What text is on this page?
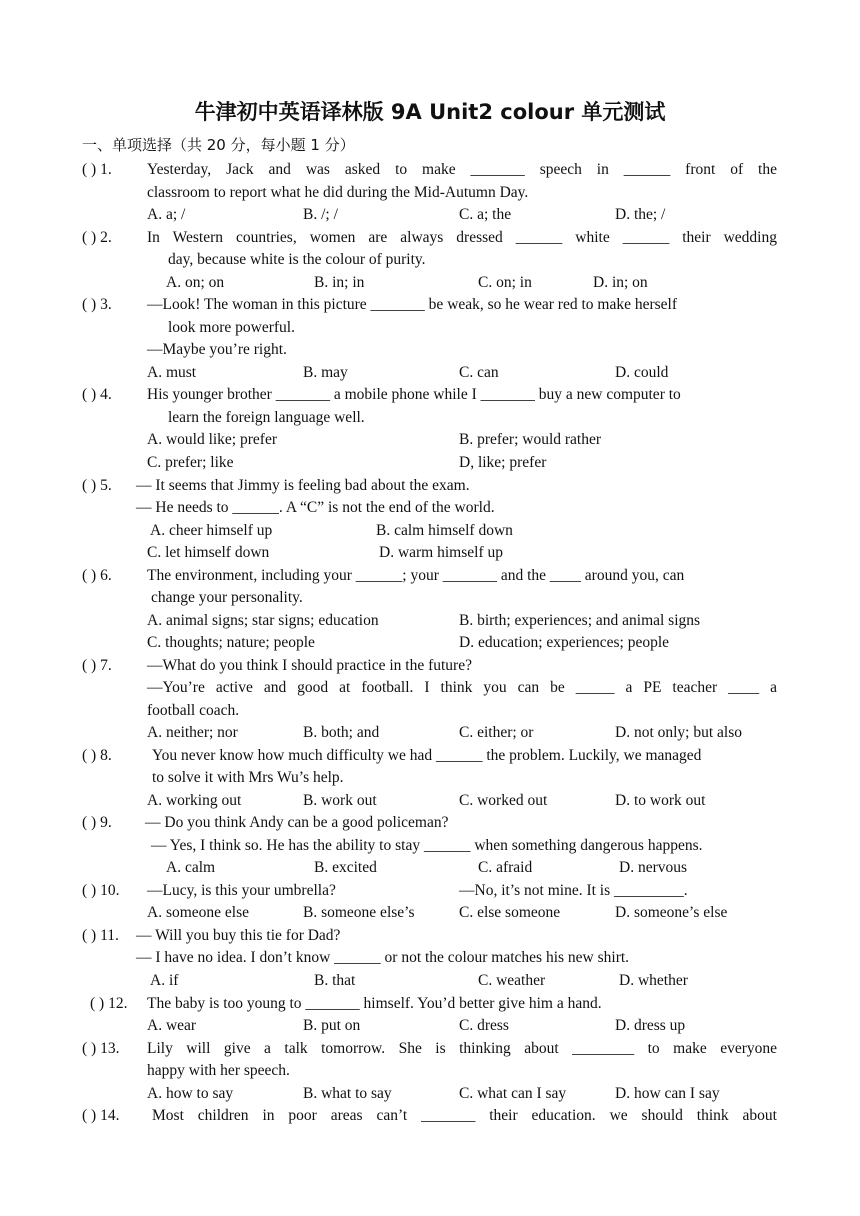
牛津初中英语译林版 9A Unit2 colour 单元测试
一、单项选择（共 20 分，每小题 1 分）
( ) 1. Yesterday, Jack and was asked to make _______ speech in ______ front of the
classroom to report what he did during the Mid-Autumn Day.
A. a; /	B. /; /	C. a; the	D. the; /
( ) 2. In Western countries, women are always dressed ______ white ______ their wedding
day, because white is the colour of purity.
A. on; on	B. in; in	C. on; in	D. in; on
( ) 3. —Look! The woman in this picture _______ be weak, so he wear red to make herself
look more powerful.
—Maybe you’re right.
A. must	B. may	C. can	D. could
( ) 4. His younger brother _______ a mobile phone while I _______ buy a new computer to
learn the foreign language well.
A. would like; prefer	B. prefer; would rather
C. prefer; like	D, like; prefer
( ) 5. — It seems that Jimmy is feeling bad about the exam.
— He needs to ______. A “C” is not the end of the world.
A. cheer himself up	B. calm himself down
C. let himself down	D. warm himself up
( ) 6. The environment, including your ______; your _______ and the ____ around you, can
change your personality.
A. animal signs; star signs; education	B. birth; experiences; and animal signs
C. thoughts; nature; people	D. education; experiences; people
( ) 7. —What do you think I should practice in the future?
—You’re active and good at football. I think you can be _____ a PE teacher ____ a
football coach.
A. neither; nor	B. both; and	C. either; or	D. not only; but also
( ) 8.	You never know how much difficulty we had ______ the problem. Luckily, we managed
to solve it with Mrs Wu’s help.
A. working out	B. work out	C. worked out	D. to work out
( ) 9. — Do you think Andy can be a good policeman?
— Yes, I think so. He has the ability to stay ______ when something dangerous happens.
A. calm	B. excited	C. afraid	D. nervous
( ) 10. —Lucy, is this your umbrella?	—No, it’s not mine. It is _________.
A. someone else	B. someone else’s	C. else someone	D. someone’s else
( ) 11. — Will you buy this tie for Dad?
— I have no idea. I don’t know ______ or not the colour matches his new shirt.
A. if	B. that	C. weather	D. whether
( ) 12. The baby is too young to _______ himself. You’d better give him a hand.
A. wear	B. put on	C. dress	D. dress up
( ) 13. Lily will give a talk tomorrow. She is thinking about ________ to make everyone
happy with her speech.
A. how to say	B. what to say	C. what can I say	D. how can I say
( ) 14. Most children in poor areas can’t _______ their education. we should think about
